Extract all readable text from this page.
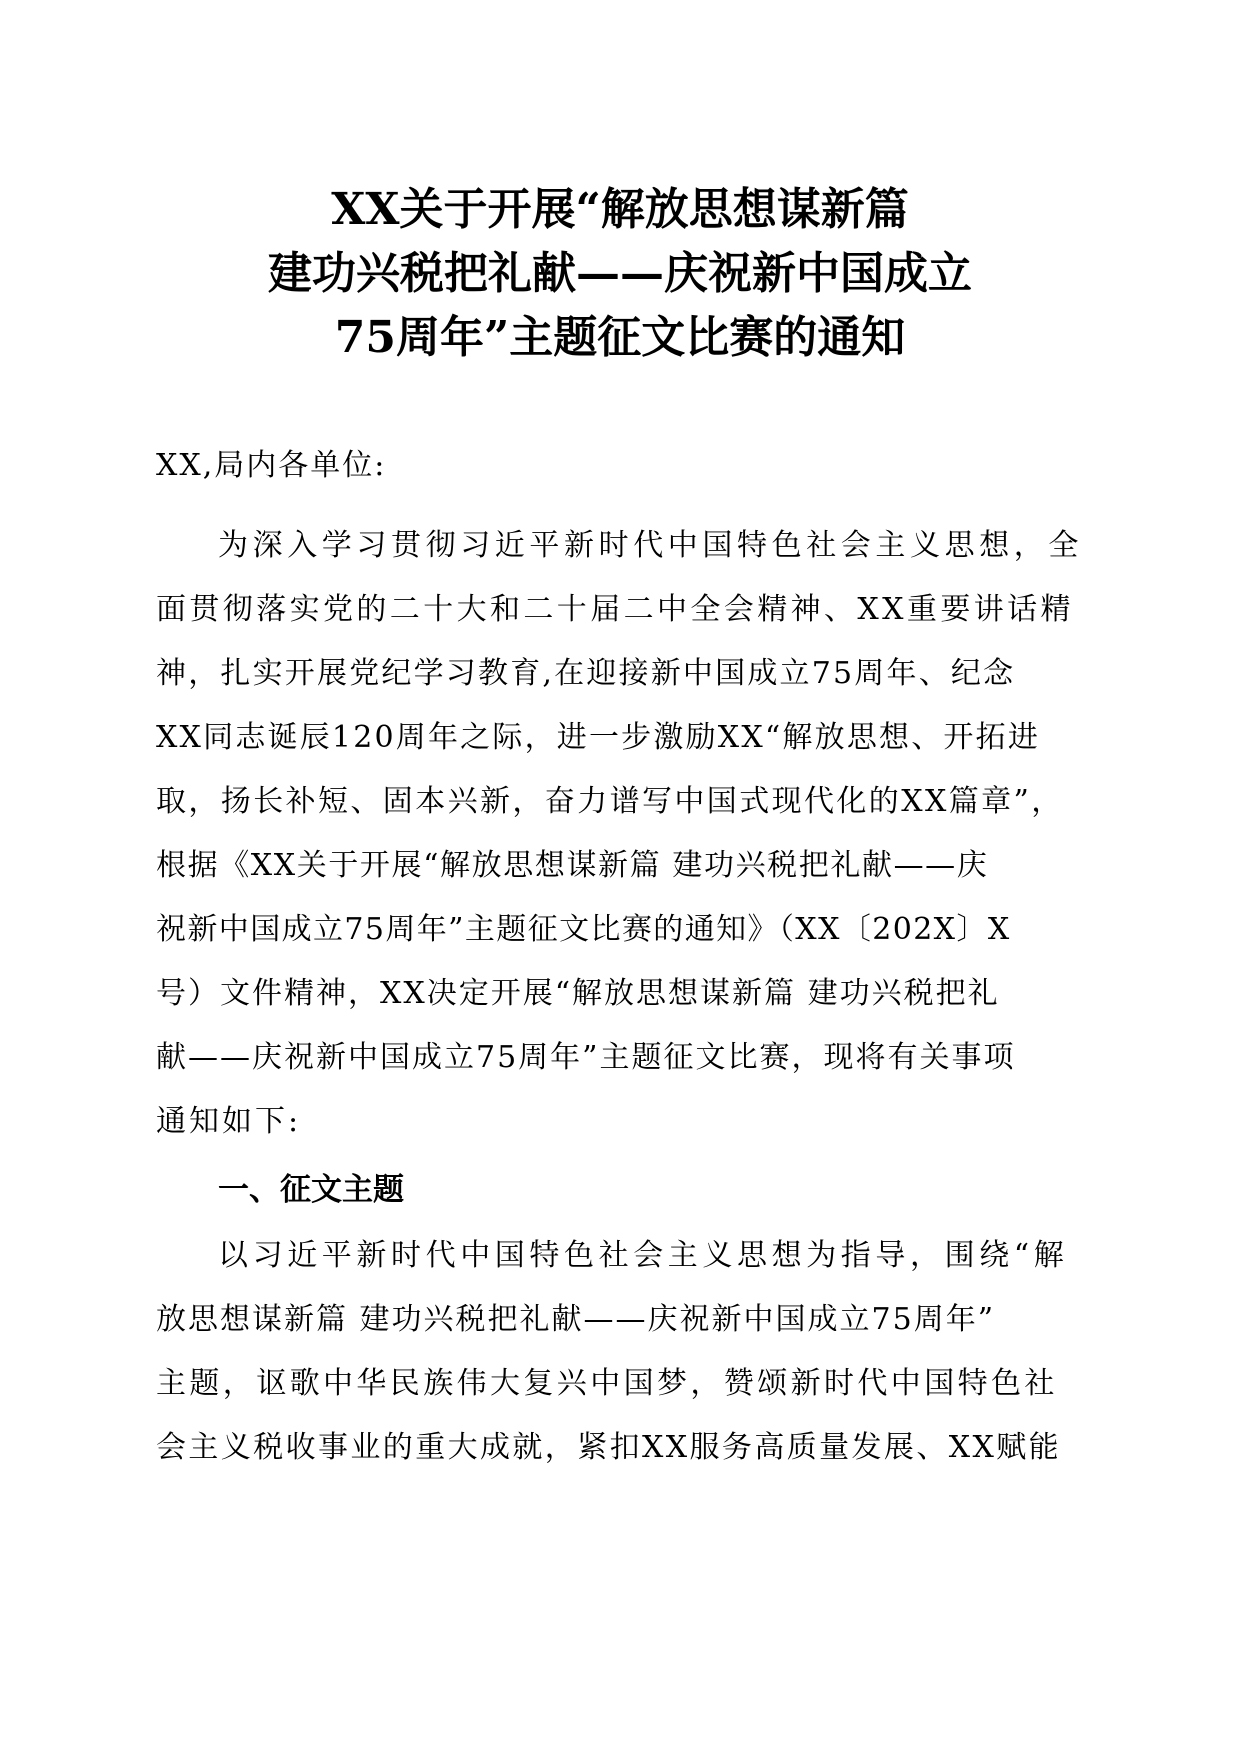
XX关于开展“解放思想谋新篇
建功兴税把礼献——庆祝新中国成立
75周年”主题征文比赛的通知
XX,局内各单位:
为深入学习贯彻习近平新时代中国特色社会主义思想，全
面贯彻落实党的二十大和二十届二中全会精神、XX重要讲话精
神，扎实开展党纪学习教育,在迎接新中国成立75周年、纪念
XX同志诞辰120周年之际，进一步激励XX“解放思想、开拓进
取，扬长补短、固本兴新，奋力谱写中国式现代化的XX篇章”，
根据《XX关于开展“解放思想谋新篇 建功兴税把礼献——庆
祝新中国成立75周年”主题征文比赛的通知》（XX〔202X〕X
号）文件精神，XX决定开展“解放思想谋新篇 建功兴税把礼
献——庆祝新中国成立75周年”主题征文比赛，现将有关事项
通知如下:
一、征文主题
以习近平新时代中国特色社会主义思想为指导，围绕“解
放思想谋新篇 建功兴税把礼献——庆祝新中国成立75周年”
主题，讴歌中华民族伟大复兴中国梦，赞颂新时代中国特色社
会主义税收事业的重大成就，紧扣XX服务高质量发展、XX赋能
